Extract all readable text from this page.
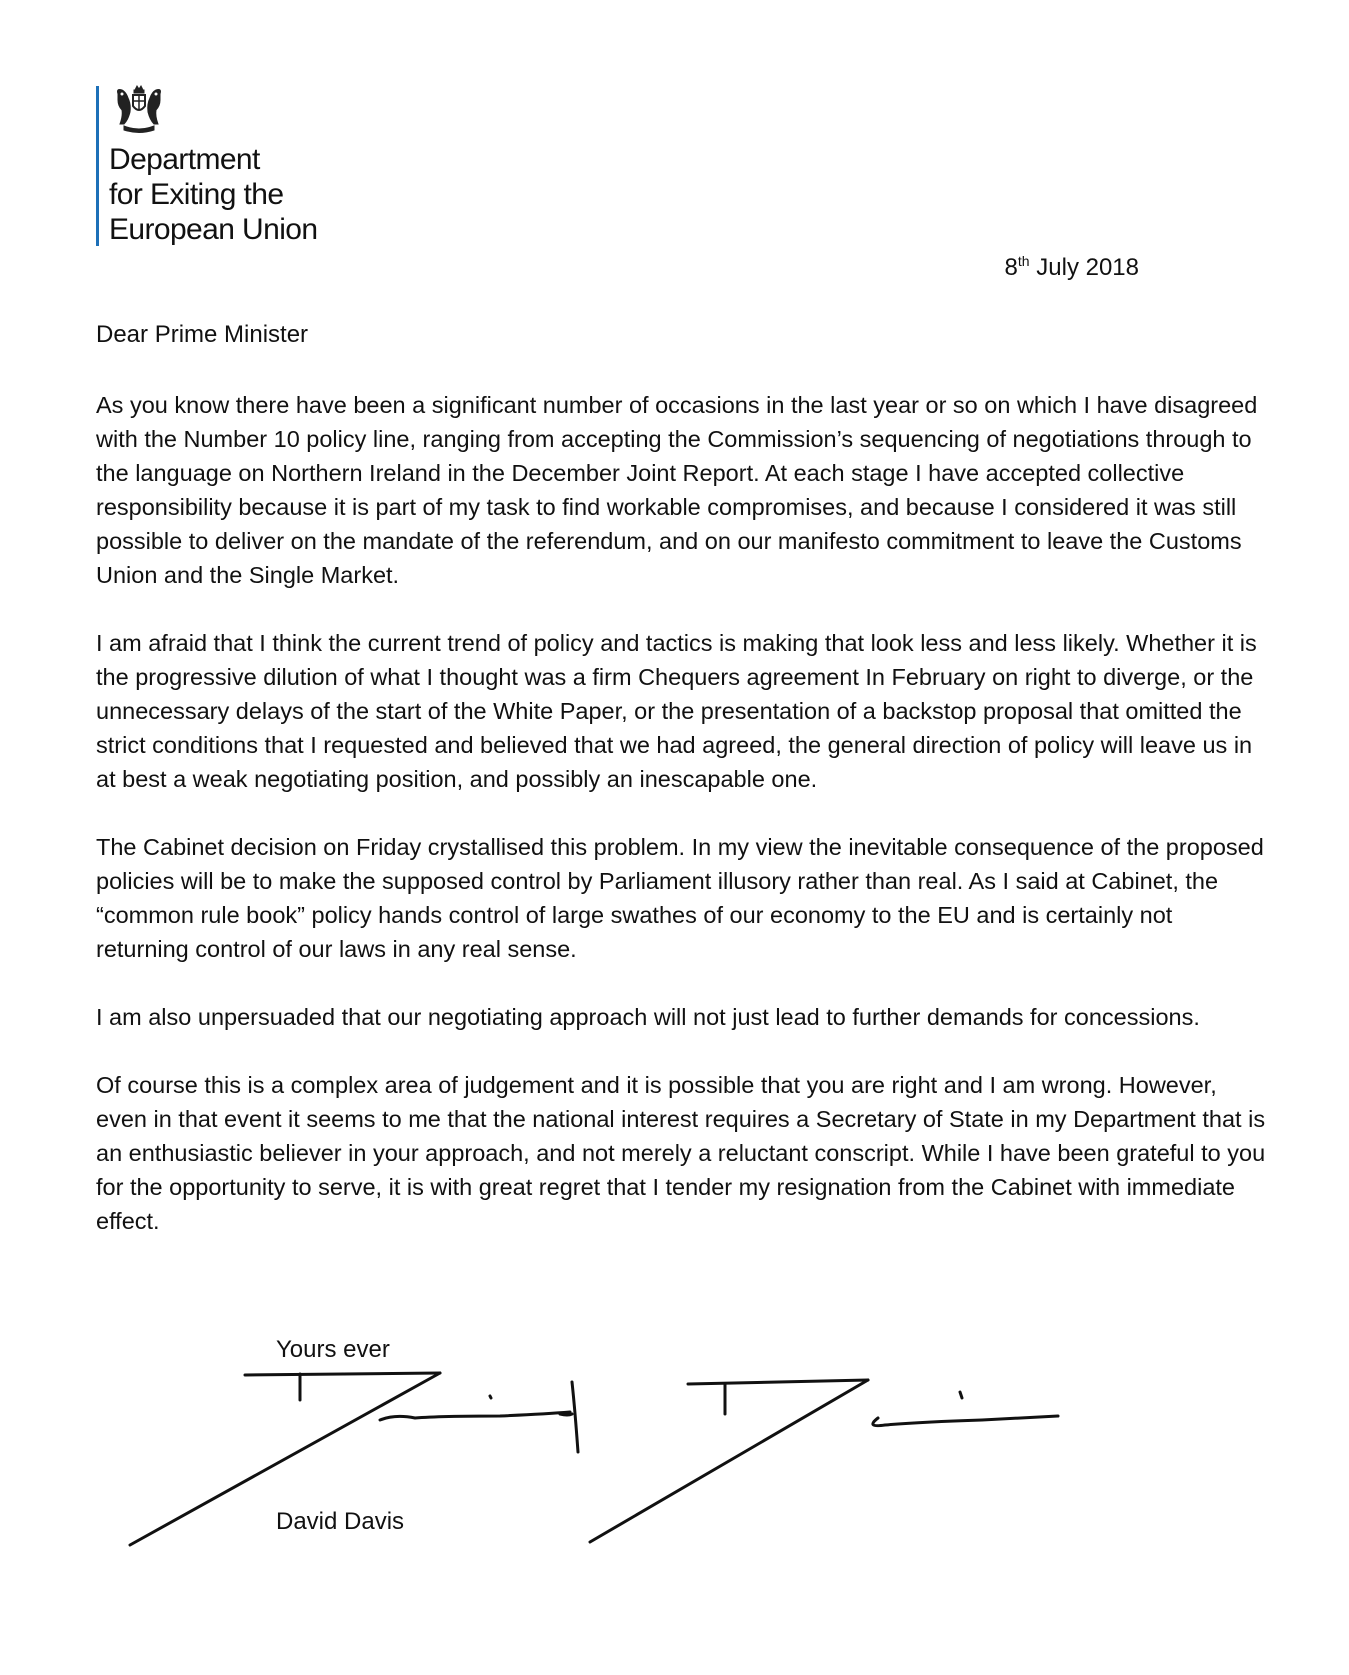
Department
for Exiting the
European Union
8th July 2018
Dear Prime Minister

As you know there have been a significant number of occasions in the last year or so on which I have disagreed with the Number 10 policy line, ranging from accepting the Commission’s sequencing of negotiations through to the language on Northern Ireland in the December Joint Report. At each stage I have accepted collective responsibility because it is part of my task to find workable compromises, and because I considered it was still possible to deliver on the mandate of the referendum, and on our manifesto commitment to leave the Customs Union and the Single Market.

I am afraid that I think the current trend of policy and tactics is making that look less and less likely. Whether it is the progressive dilution of what I thought was a firm Chequers agreement In February on right to diverge, or the unnecessary delays of the start of the White Paper, or the presentation of a backstop proposal that omitted the strict conditions that I requested and believed that we had agreed, the general direction of policy will leave us in at best a weak negotiating position, and possibly an inescapable one.

The Cabinet decision on Friday crystallised this problem. In my view the inevitable consequence of the proposed policies will be to make the supposed control by Parliament illusory rather than real. As I said at Cabinet, the “common rule book” policy hands control of large swathes of our economy to the EU and is certainly not returning control of our laws in any real sense.

I am also unpersuaded that our negotiating approach will not just lead to further demands for concessions.

Of course this is a complex area of judgement and it is possible that you are right and I am wrong. However, even in that event it seems to me that the national interest requires a Secretary of State in my Department that is an enthusiastic believer in your approach, and not merely a reluctant conscript. While I have been grateful to you for the opportunity to serve, it is with great regret that I tender my resignation from the Cabinet with immediate effect.

Yours ever
David Davis
